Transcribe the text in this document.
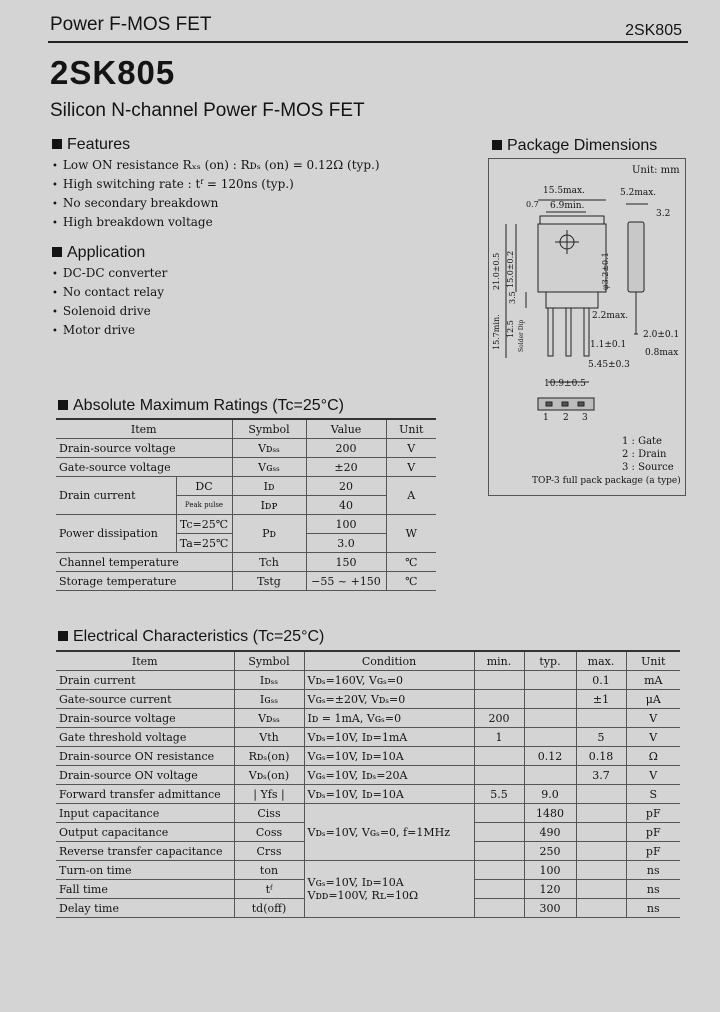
Power F-MOS FET	2SK805
2SK805
Silicon N-channel Power F-MOS FET
Features
• Low ON resistance Rₓₛ (on) : Rᴅₛ (on) = 0.12Ω (typ.)
• High switching rate : tᶠ = 120ns (typ.)
• No secondary breakdown
• High breakdown voltage
Application
• DC-DC converter
• No contact relay
• Solenoid drive
• Motor drive
Package Dimensions
Unit: mm
15.5max.
6.9min.
5.2max.
3.2
0.7
21.0±0.5 15.0±0.2
3.5
φ3.2±0.1
15.7min. 12.5 Solder Dip
2.2max.
2.0±0.1
1.1±0.1
0.8max
5.45±0.3
10.9±0.5
1 2 3
1 : Gate
2 : Drain
3 : Source
TOP-3 full pack package (a type)
Absolute Maximum Ratings (Tc=25°C)
Item		Symbol	Value	Unit
Drain-source voltage		Vᴅₛₛ	200	V
Gate-source voltage		Vɢₛₛ	±20	V
Drain current	DC	Iᴅ	20	A
	Peak pulse	Iᴅᴘ	40	
Power dissipation	Tc=25℃	Pᴅ	100	W
	Ta=25℃		3.0	
Channel temperature		Tch	150	℃
Storage temperature		Tstg	−55 ~ +150	℃
Electrical Characteristics (Tc=25°C)
Item	Symbol	Condition	min.	typ.	max.	Unit
Drain current	Iᴅₛₛ	Vᴅₛ=160V, Vɢₛ=0			0.1	mA
Gate-source current	Iɢₛₛ	Vɢₛ=±20V, Vᴅₛ=0			±1	μA
Drain-source voltage	Vᴅₛₛ	Iᴅ = 1mA, Vɢₛ=0	200			V
Gate threshold voltage	Vth	Vᴅₛ=10V, Iᴅ=1mA	1		5	V
Drain-source ON resistance	Rᴅₛ(on)	Vɢₛ=10V, Iᴅ=10A		0.12	0.18	Ω
Drain-source ON voltage	Vᴅₛ(on)	Vɢₛ=10V, Iᴅₛ=20A			3.7	V
Forward transfer admittance	| Yfs |	Vᴅₛ=10V, Iᴅ=10A	5.5	9.0		S
Input capacitance	Ciss	Vᴅₛ=10V, Vɢₛ=0, f=1MHz		1480		pF
Output capacitance	Coss			490		pF
Reverse transfer capacitance	Crss			250		pF
Turn-on time	ton	Vɢₛ=10V, Iᴅ=10A
Vᴅᴅ=100V, Rʟ=10Ω		100		ns
Fall time	tᶠ			120		ns
Delay time	td(off)			300		ns
